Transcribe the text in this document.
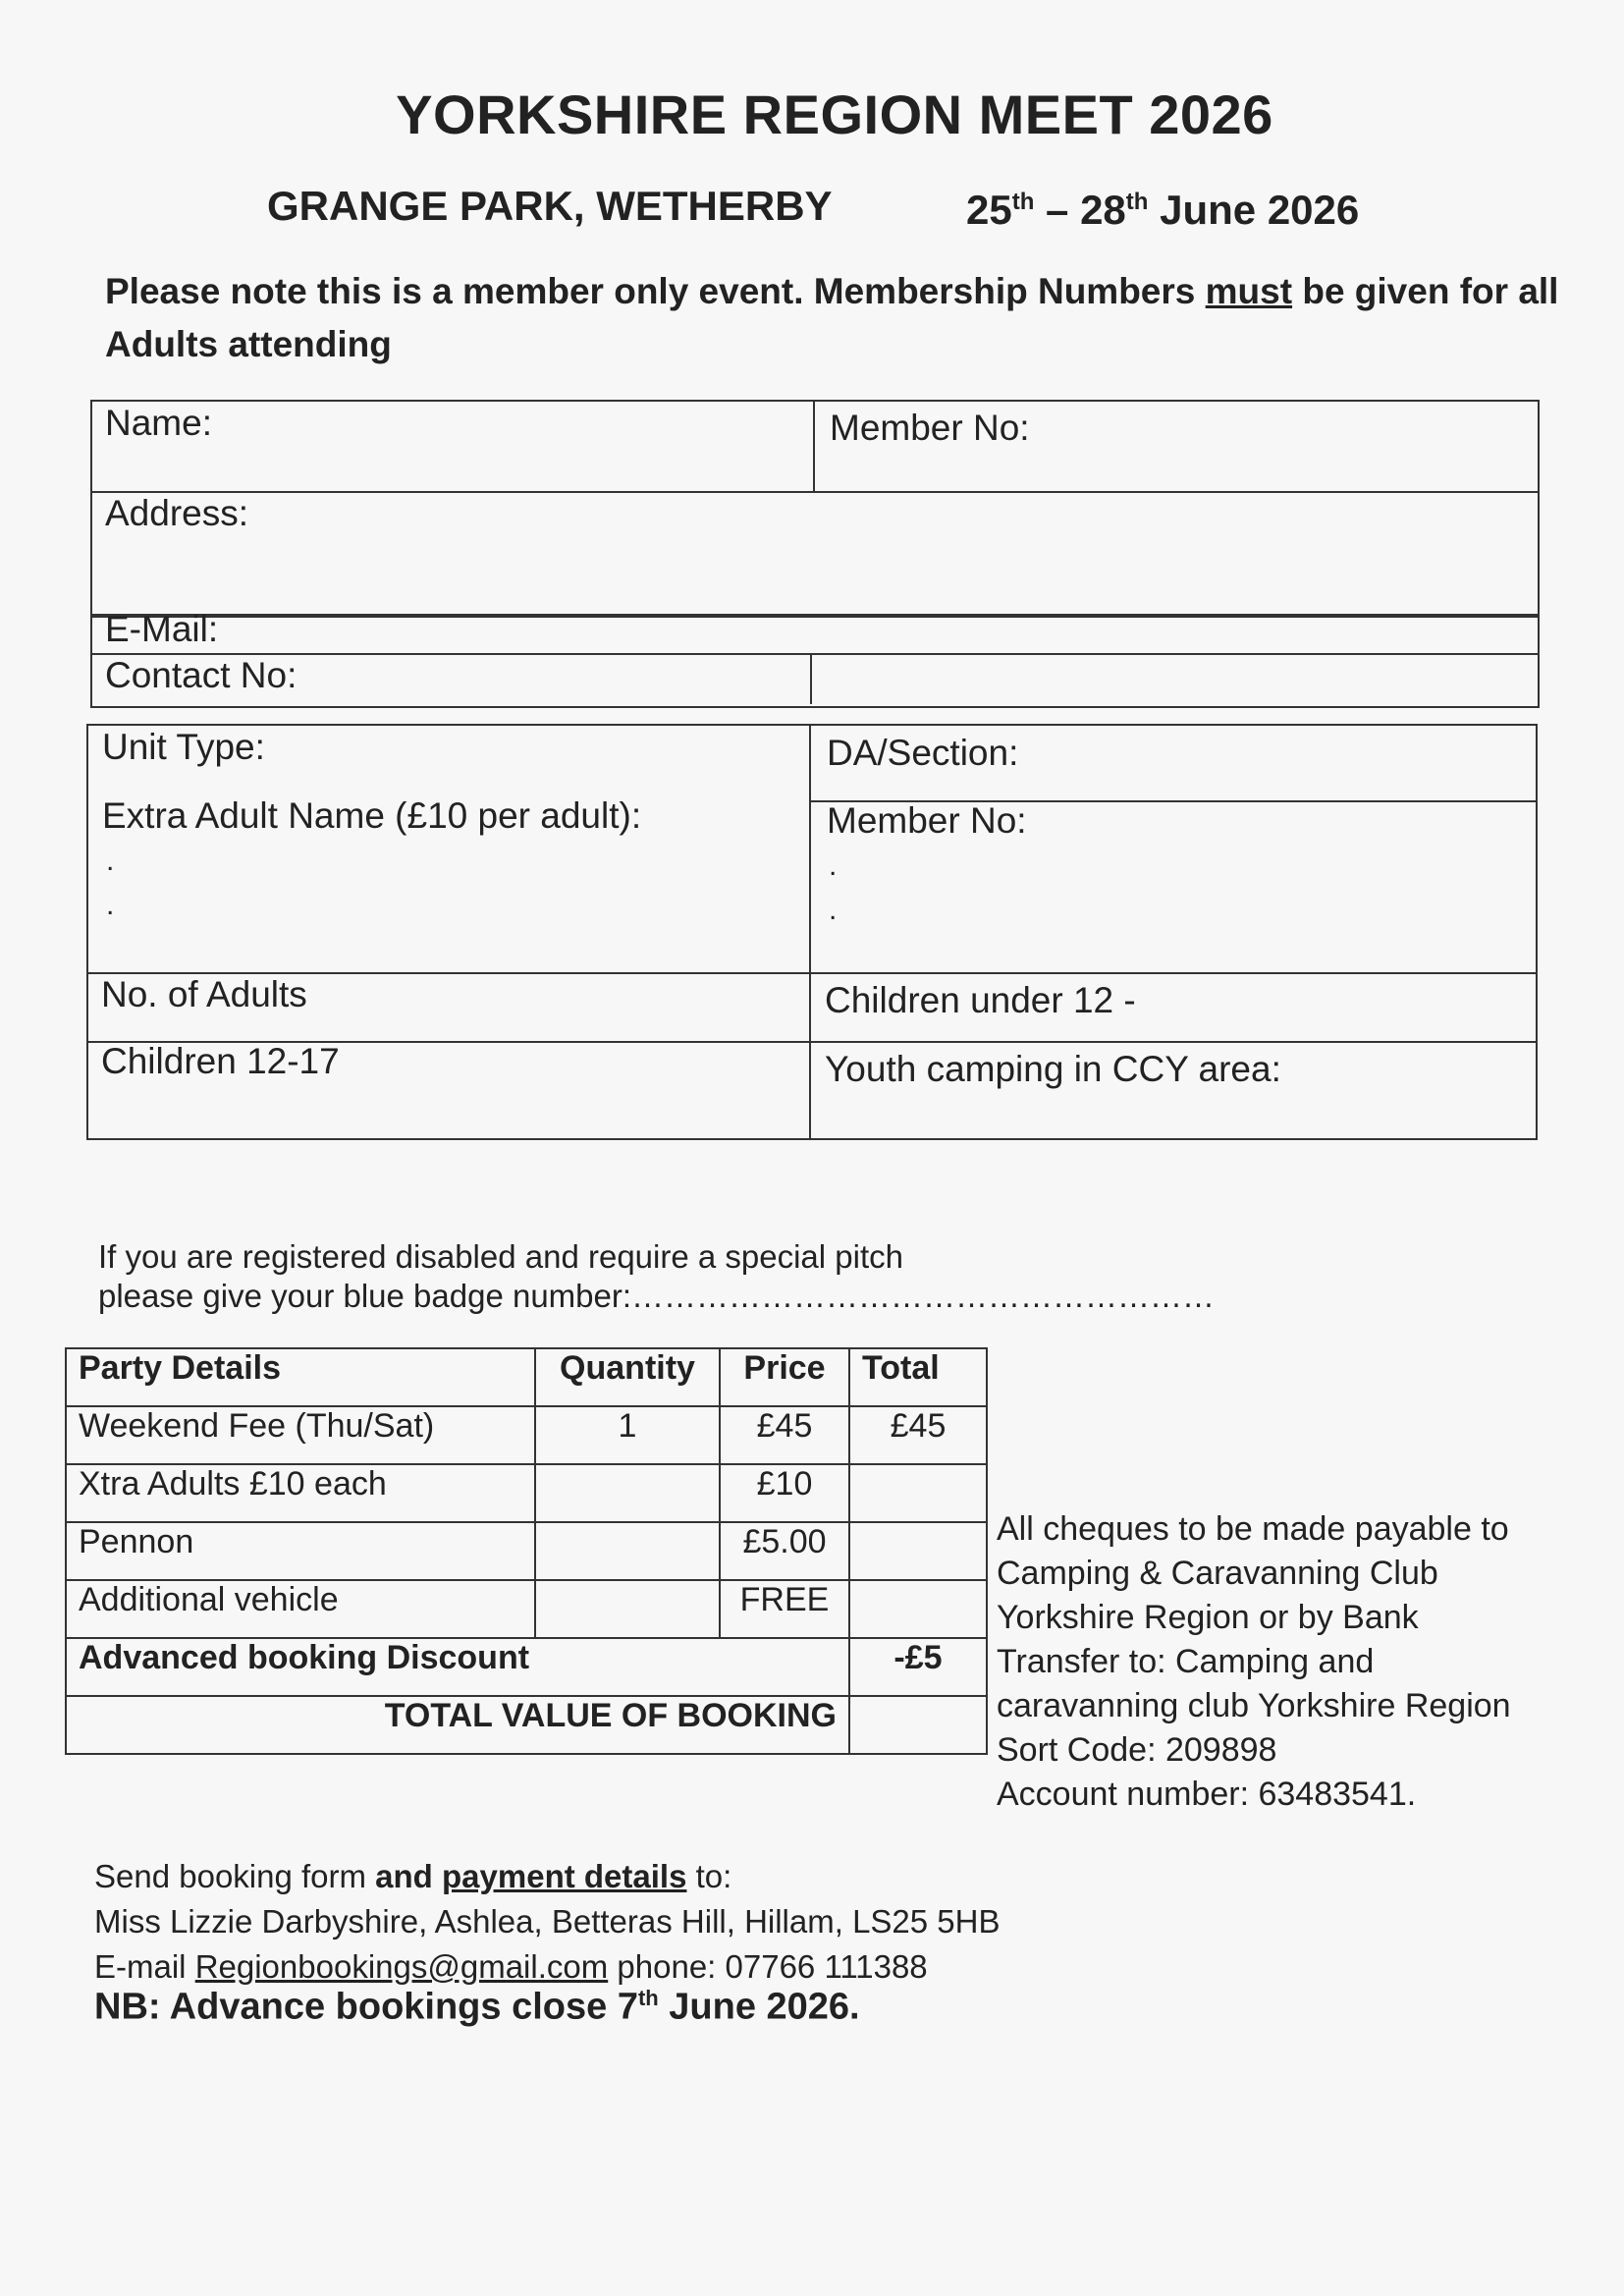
YORKSHIRE REGION MEET 2026
GRANGE PARK, WETHERBY	25th – 28th June 2026
Please note this is a member only event. Membership Numbers must be given for all Adults attending
Name:	Member No:
Address:
E-Mail:
Contact No:
Unit Type:	DA/Section:
Extra Adult Name (£10 per adult):
.
.
Member No:
.
.
No. of Adults	Children under 12 -
Children 12-17	Youth camping in CCY area:
If you are registered disabled and require a special pitch
please give your blue badge number:………………………………………………
Party Details	Quantity	Price	Total
Weekend Fee (Thu/Sat)	1	£45	£45
Xtra Adults £10 each		£10	
Pennon		£5.00	
Additional vehicle		FREE	
Advanced booking Discount			-£5
TOTAL VALUE OF BOOKING			
All cheques to be made payable to
Camping & Caravanning Club
Yorkshire Region or by Bank
Transfer to: Camping and
caravanning club Yorkshire Region
Sort Code: 209898
Account number: 63483541.
Send booking form and payment details to:
Miss Lizzie Darbyshire, Ashlea, Betteras Hill, Hillam, LS25 5HB
E-mail Regionbookings@gmail.com phone: 07766 111388
NB: Advance bookings close 7th June 2026.
